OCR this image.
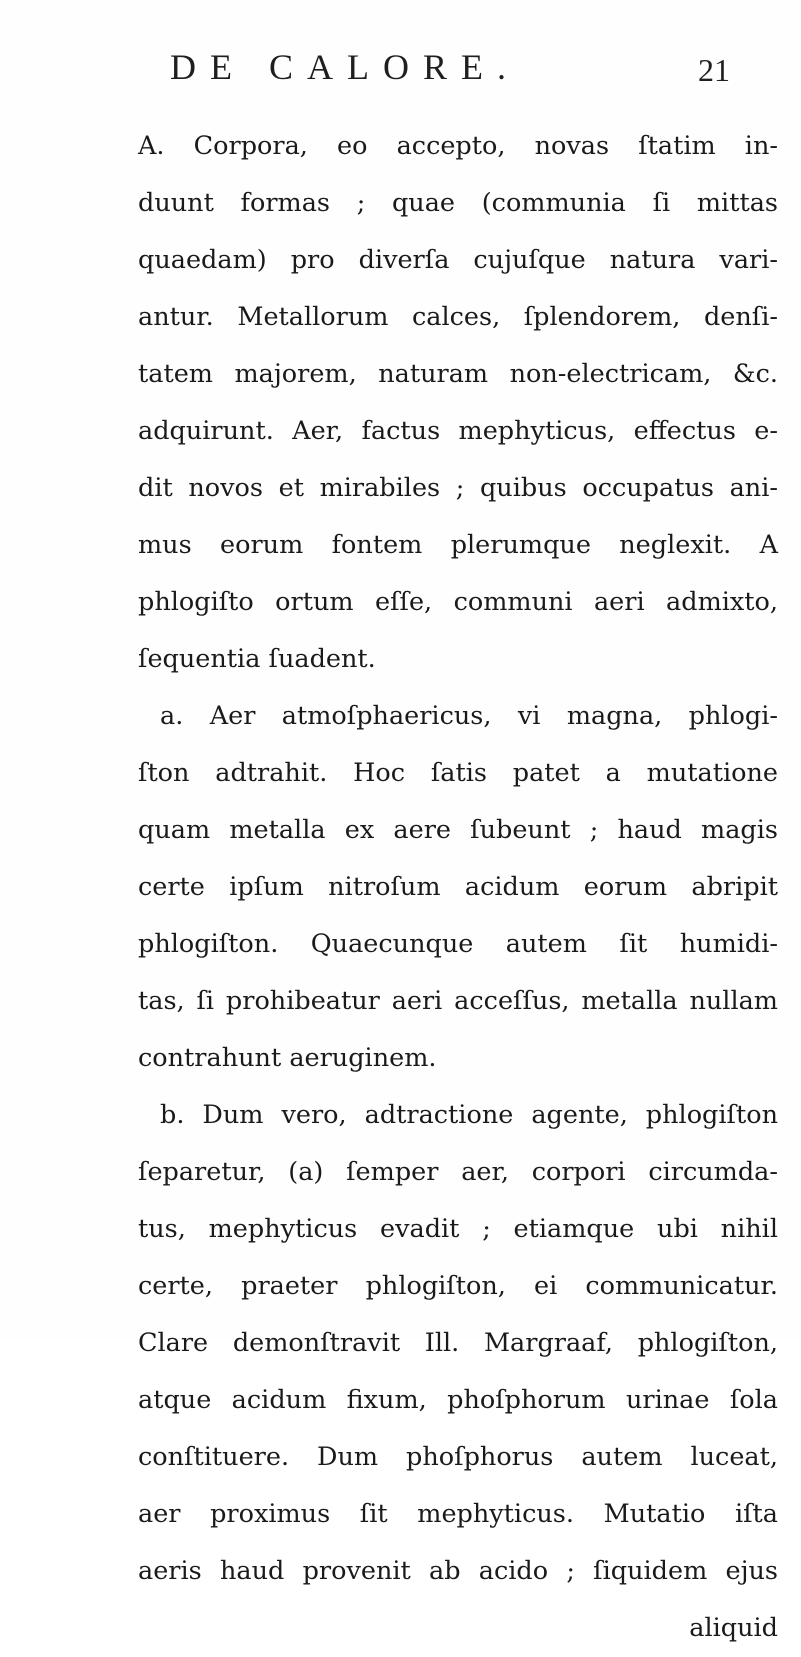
DE CALORE.	21
A. Corpora, eo accepto, novas ſtatim in-
duunt formas ; quae (communia ſi mittas
quaedam) pro diverſa cujuſque natura vari-
antur. Metallorum calces, ſplendorem, denſi-
tatem majorem, naturam non-electricam, &c.
adquirunt. Aer, factus mephyticus, effectus e-
dit novos et mirabiles ; quibus occupatus ani-
mus eorum fontem plerumque neglexit. A
phlogiſto ortum eſſe, communi aeri admixto,
ſequentia ſuadent.
a. Aer atmoſphaericus, vi magna, phlogi-
ſton adtrahit. Hoc ſatis patet a mutatione
quam metalla ex aere ſubeunt ; haud magis
certe ipſum nitroſum acidum eorum abripit
phlogiſton. Quaecunque autem ſit humidi-
tas, ſi prohibeatur aeri acceſſus, metalla nullam
contrahunt aeruginem.
b. Dum vero, adtractione agente, phlogiſton
ſeparetur, (a) ſemper aer, corpori circumda-
tus, mephyticus evadit ; etiamque ubi nihil
certe, praeter phlogiſton, ei communicatur.
Clare demonſtravit Ill. Margraaf, phlogiſton,
atque acidum fixum, phoſphorum urinae ſola
conſtituere. Dum phoſphorus autem luceat,
aer proximus ſit mephyticus. Mutatio iſta
aeris haud provenit ab acido ; ſiquidem ejus
aliquid
